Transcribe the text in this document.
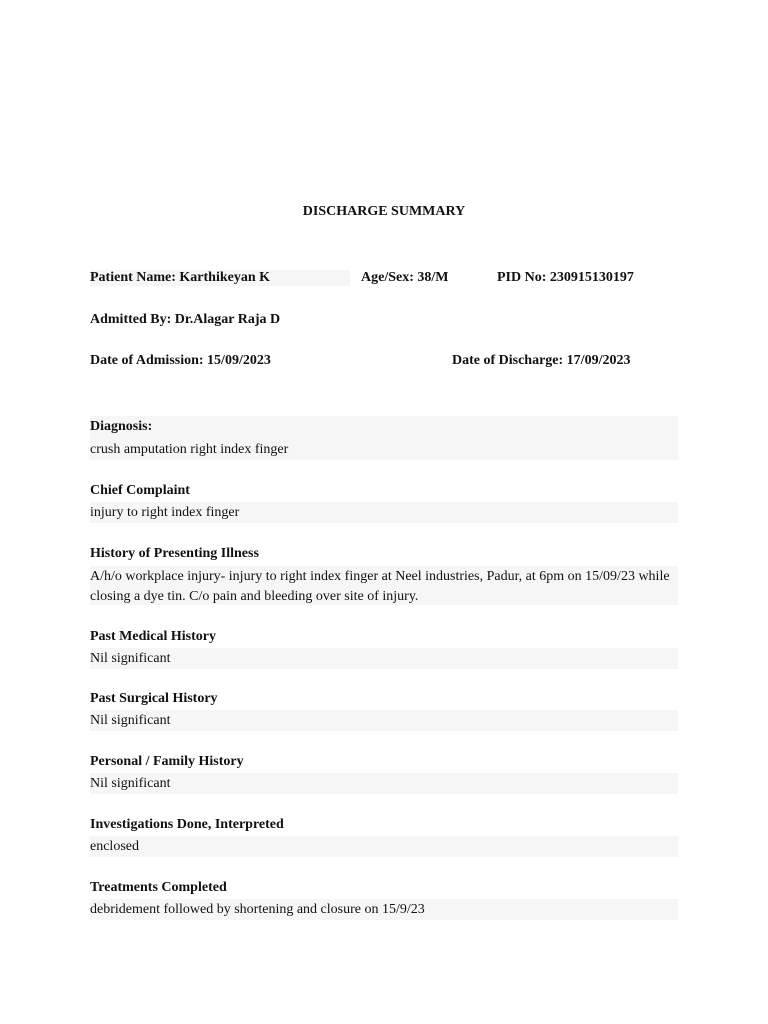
DISCHARGE SUMMARY
Patient Name: Karthikeyan K	Age/Sex: 38/M	PID No: 230915130197
Admitted By: Dr.Alagar Raja D
Date of Admission: 15/09/2023	Date of Discharge: 17/09/2023
Diagnosis:
crush amputation right index finger
Chief Complaint
injury to right index finger
History of Presenting Illness
A/h/o workplace injury- injury to right index finger at Neel industries, Padur, at 6pm on 15/09/23 while closing a dye tin. C/o pain and bleeding over site of injury.
Past Medical History
Nil significant
Past Surgical History
Nil significant
Personal / Family History
Nil significant
Investigations Done, Interpreted
enclosed
Treatments Completed
debridement followed by shortening and closure on 15/9/23
